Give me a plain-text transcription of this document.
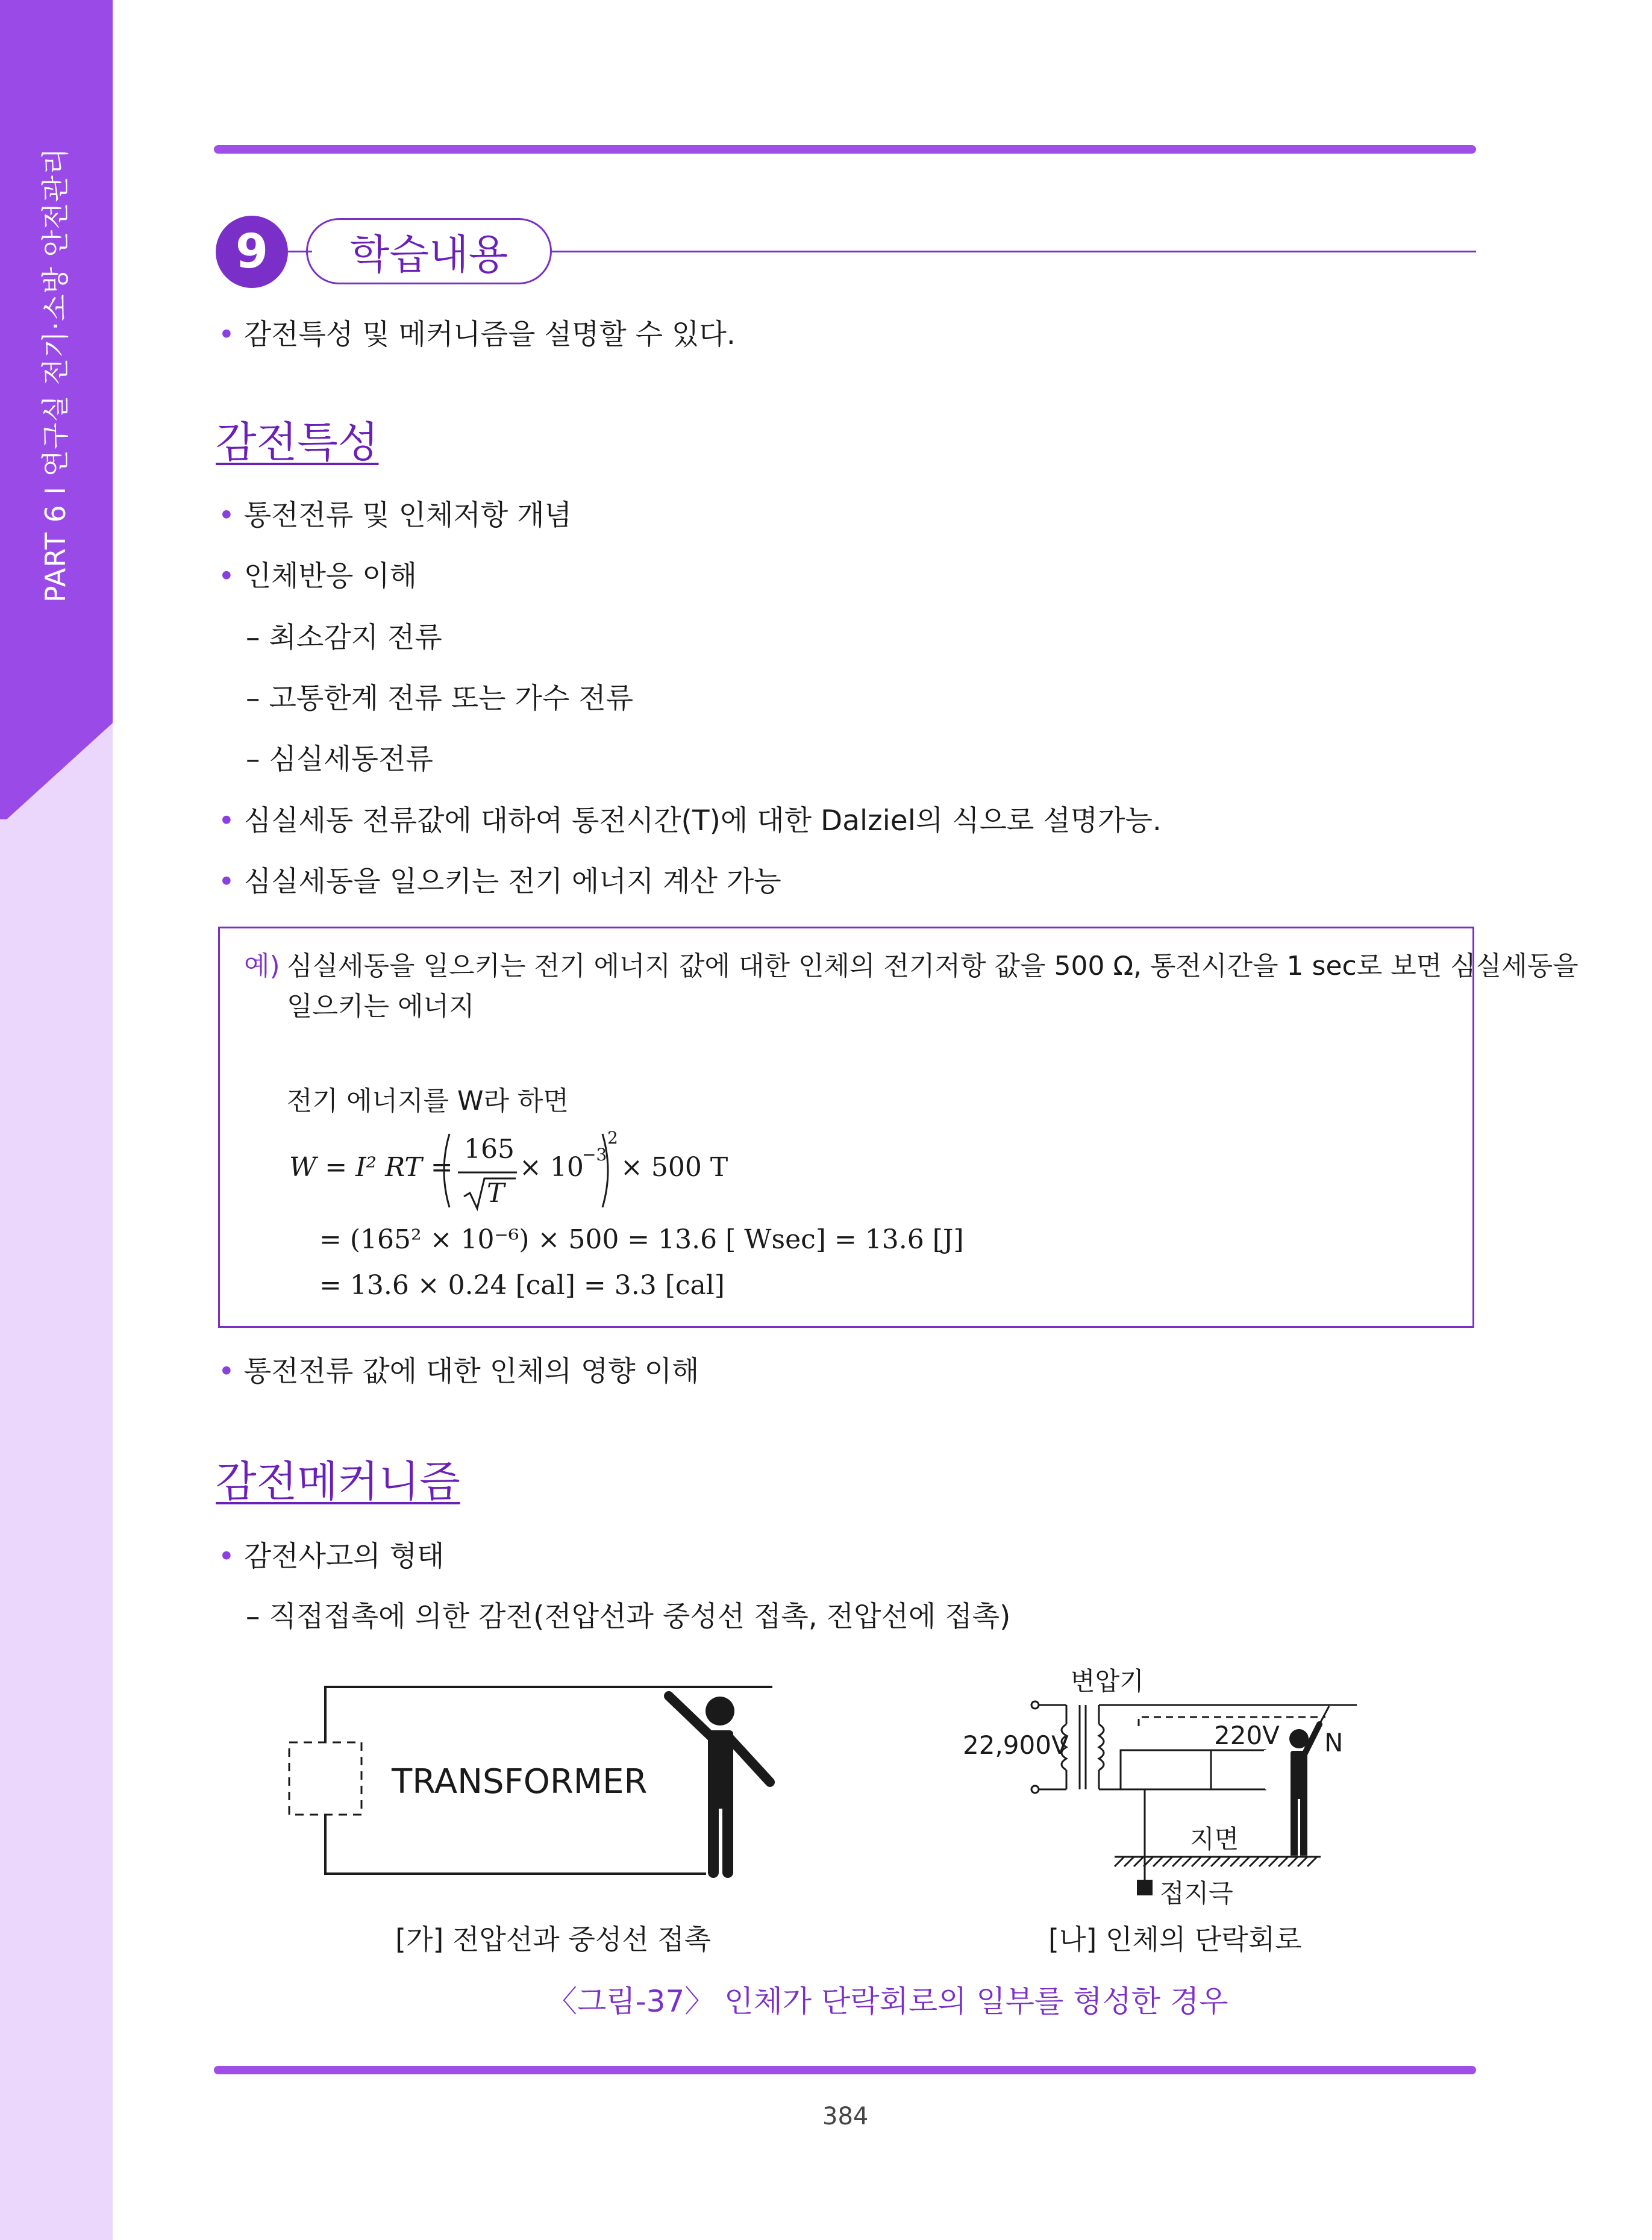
PART 6 Ι 연구실 전기·소방 안전관리	9	학습내용
• 감전특성 및 메커니즘을 설명할 수 있다.
감전특성
• 통전전류 및 인체저항 개념
• 인체반응 이해
– 최소감지 전류
– 고통한계 전류 또는 가수 전류
– 심실세동전류
• 심실세동 전류값에 대하여 통전시간(T)에 대한 Dalziel의 식으로 설명가능.
• 심실세동을 일으키는 전기 에너지 계산 가능
예) 심실세동을 일으키는 전기 에너지 값에 대한 인체의 전기저항 값을 500 Ω, 통전시간을 1 sec로 보면 심실세동을
일으키는 에너지
전기 에너지를 W라 하면
W = I² RT =
165
T
× 10
−3
2
× 500 T
= (165² × 10⁻⁶) × 500 = 13.6 [ Wsec] = 13.6 [J]
= 13.6 × 0.24 [cal] = 3.3 [cal]
• 통전전류 값에 대한 인체의 영향 이해
감전메커니즘
• 감전사고의 형태
– 직접접촉에 의한 감전(전압선과 중성선 접촉, 전압선에 접촉)
TRANSFORMER
[가] 전압선과 중성선 접촉
변압기
22,900V	220V N
지면
접지극
[나] 인체의 단락회로
〈그림-37〉 인체가 단락회로의 일부를 형성한 경우
384
